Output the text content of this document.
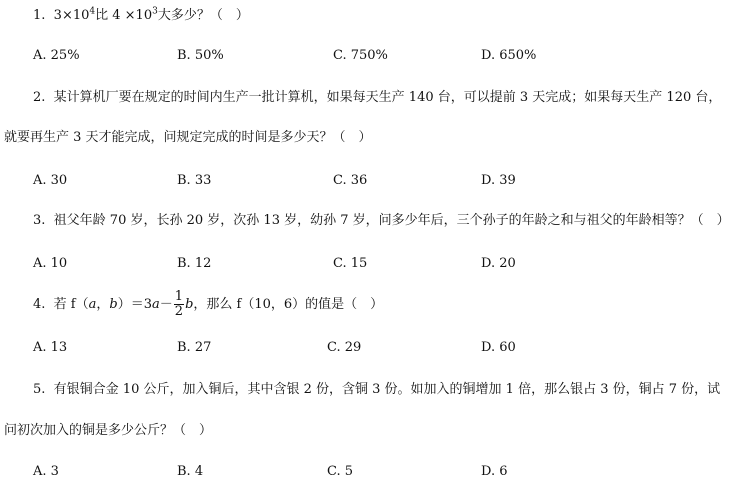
1. $3\times 10^4$比 $4 \times 10^3$大多少？（　）
A. 25%	B. 50%	C. 750%	D. 650%
2. 某计算机厂要在规定的时间内生产一批计算机，如果每天生产 140 台，可以提前 3 天完成；如果每天生产 120 台，
就要再生产 3 天才能完成，问规定完成的时间是多少天？（　）
A. 30	B. 33	C. 36	D. 39
3. 祖父年龄 70 岁，长孙 20 岁，次孙 13 岁，幼孙 7 岁，问多少年后，三个孙子的年龄之和与祖父的年龄相等？（　）
A. 10	B. 12	C. 15	D. 20
4. 若 f（a，$b)=3a- \frac{1}{2}$ b，那么 f（10，6）的值是（　）
A. 13	B. 27	C. 29	D. 60
5. 有银铜合金 10 公斤，加入铜后，其中含银 2 份，含铜 3 份。如加入的铜增加 1 倍，那么银占 3 份，铜占 7 份，试
问初次加入的铜是多少公斤？（　）
A. 3	B. 4	C. 5	D. 6
